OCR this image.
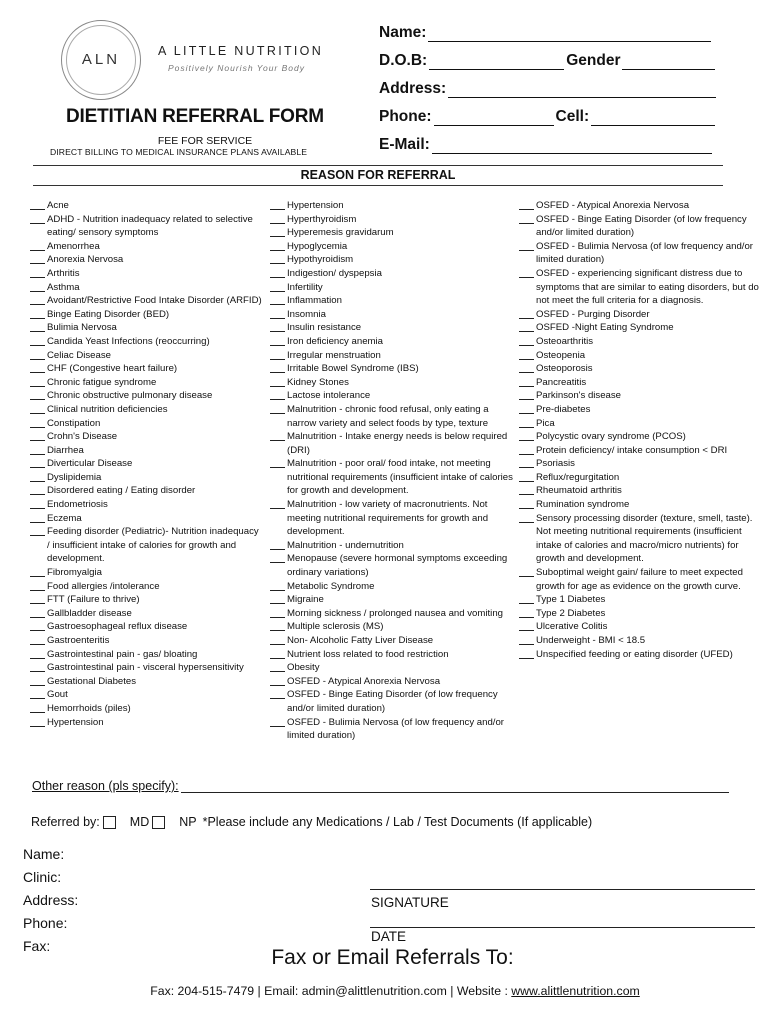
ALN	A LITTLE NUTRITION
Positively Nourish Your Body
DIETITIAN REFERRAL FORM
FEE FOR SERVICE
DIRECT BILLING TO MEDICAL INSURANCE PLANS AVAILABLE
Name:
D.O.B:	Gender
Address:
Phone:	Cell:
E-Mail:
REASON FOR REFERRAL
Acne
ADHD - Nutrition inadequacy related to selective eating/ sensory symptoms
Amenorrhea
Anorexia Nervosa
Arthritis
Asthma
Avoidant/Restrictive Food Intake Disorder (ARFID)
Binge Eating Disorder (BED)
Bulimia Nervosa
Candida Yeast Infections (reoccurring)
Celiac Disease
CHF (Congestive heart failure)
Chronic fatigue syndrome
Chronic obstructive pulmonary disease
Clinical nutrition deficiencies
Constipation
Crohn's Disease
Diarrhea
Diverticular Disease
Dyslipidemia
Disordered eating / Eating disorder
Endometriosis
Eczema
Feeding disorder (Pediatric)- Nutrition inadequacy / insufficient intake of calories for growth and development.
Fibromyalgia
Food allergies /intolerance
FTT (Failure to thrive)
Gallbladder disease
Gastroesophageal reflux disease
Gastroenteritis
Gastrointestinal pain - gas/ bloating
Gastrointestinal pain - visceral hypersensitivity
Gestational Diabetes
Gout
Hemorrhoids (piles)
Hypertension
Hypertension
Hyperthyroidism
Hyperemesis gravidarum
Hypoglycemia
Hypothyroidism
Indigestion/ dyspepsia
Infertility
Inflammation
Insomnia
Insulin resistance
Iron deficiency anemia
Irregular menstruation
Irritable Bowel Syndrome (IBS)
Kidney Stones
Lactose intolerance
Malnutrition - chronic food refusal, only eating a narrow variety and select foods by type, texture
Malnutrition - Intake energy needs is below required (DRI)
Malnutrition - poor oral/ food intake, not meeting nutritional requirements (insufficient intake of calories for growth and development.
Malnutrition - low variety of macronutrients. Not meeting nutritional requirements for growth and development.
Malnutrition - undernutrition
Menopause (severe hormonal symptoms exceeding ordinary variations)
Metabolic Syndrome
Migraine
Morning sickness / prolonged nausea and vomiting
Multiple sclerosis (MS)
Non- Alcoholic Fatty Liver Disease
Nutrient loss related to food restriction
Obesity
OSFED - Atypical Anorexia Nervosa
OSFED - Binge Eating Disorder (of low frequency and/or limited duration)
OSFED - Bulimia Nervosa (of low frequency and/or limited duration)
OSFED - Atypical Anorexia Nervosa
OSFED - Binge Eating Disorder (of low frequency and/or limited duration)
OSFED - Bulimia Nervosa (of low frequency and/or limited duration)
OSFED - experiencing significant distress due to symptoms that are similar to eating disorders, but do not meet the full criteria for a diagnosis.
OSFED - Purging Disorder
OSFED -Night Eating Syndrome
Osteoarthritis
Osteopenia
Osteoporosis
Pancreatitis
Parkinson's disease
Pre-diabetes
Pica
Polycystic ovary syndrome (PCOS)
Protein deficiency/ intake consumption < DRI
Psoriasis
Reflux/regurgitation
Rheumatoid arthritis
Rumination syndrome
Sensory processing disorder (texture, smell, taste). Not meeting nutritional requirements (insufficient intake of calories and macro/micro nutrients) for growth and development.
Suboptimal weight gain/ failure to meet expected growth for age as evidence on the growth curve.
Type 1 Diabetes
Type 2 Diabetes
Ulcerative Colitis
Underweight - BMI < 18.5
Unspecified feeding or eating disorder (UFED)
Other reason (pls specify):
Referred by: MD NP *Please include any Medications / Lab / Test Documents (If applicable)
Name:
Clinic:
Address:
Phone:
Fax:
SIGNATURE
DATE
Fax or Email Referrals To:
Fax: 204-515-7479 | Email: admin@alittlenutrition.com | Website : www.alittlenutrition.com
